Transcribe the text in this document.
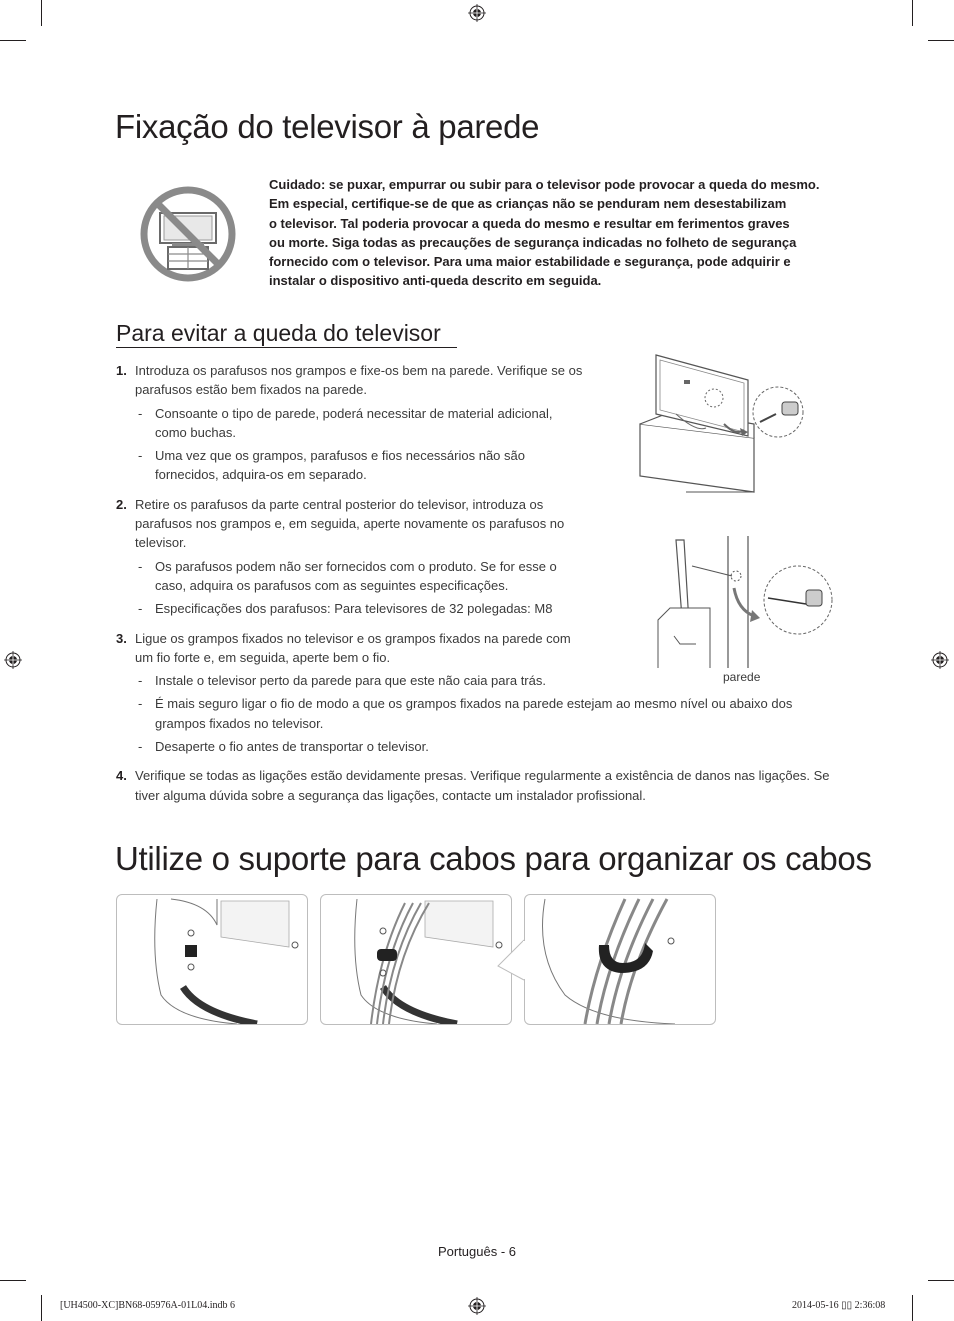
Fixação do televisor à parede
Cuidado: se puxar, empurrar ou subir para o televisor pode provocar a queda do mesmo.
Em especial, certifique-se de que as crianças não se penduram nem desestabilizam
o televisor. Tal poderia provocar a queda do mesmo e resultar em ferimentos graves
ou morte. Siga todas as precauções de segurança indicadas no folheto de segurança
fornecido com o televisor. Para uma maior estabilidade e segurança, pode adquirir e
instalar o dispositivo anti-queda descrito em seguida.
Para evitar a queda do televisor
1. Introduza os parafusos nos grampos e fixe-os bem na parede. Verifique se os
parafusos estão bem fixados na parede.
- Consoante o tipo de parede, poderá necessitar de material adicional,
como buchas.
- Uma vez que os grampos, parafusos e fios necessários não são
fornecidos, adquira-os em separado.
2. Retire os parafusos da parte central posterior do televisor, introduza os
parafusos nos grampos e, em seguida, aperte novamente os parafusos no
televisor.
- Os parafusos podem não ser fornecidos com o produto. Se for esse o
caso, adquira os parafusos com as seguintes especificações.
- Especificações dos parafusos: Para televisores de 32 polegadas: M8
3. Ligue os grampos fixados no televisor e os grampos fixados na parede com
um fio forte e, em seguida, aperte bem o fio.
- Instale o televisor perto da parede para que este não caia para trás.
- É mais seguro ligar o fio de modo a que os grampos fixados na parede estejam ao mesmo nível ou abaixo dos
grampos fixados no televisor.
- Desaperte o fio antes de transportar o televisor.
4. Verifique se todas as ligações estão devidamente presas. Verifique regularmente a existência de danos nas ligações. Se
tiver alguma dúvida sobre a segurança das ligações, contacte um instalador profissional.
parede
Utilize o suporte para cabos para organizar os cabos
Português - 6
[UH4500-XC]BN68-05976A-01L04.indb 6	2014-05-16 ▯▯ 2:36:08
